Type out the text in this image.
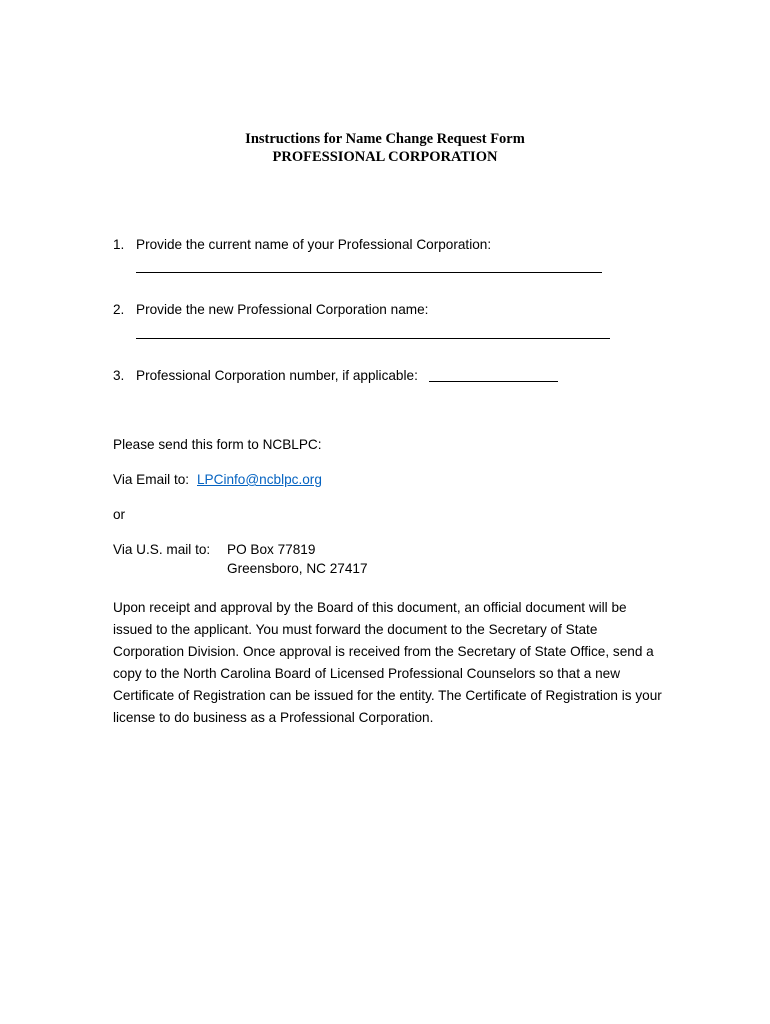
Instructions for Name Change Request Form
PROFESSIONAL CORPORATION
1. Provide the current name of your Professional Corporation:
2. Provide the new Professional Corporation name:
3. Professional Corporation number, if applicable:
Please send this form to NCBLPC:
Via Email to: LPCinfo@ncblpc.org
or
Via U.S. mail to: PO Box 77819
Greensboro, NC 27417
Upon receipt and approval by the Board of this document, an official document will be
issued to the applicant. You must forward the document to the Secretary of State
Corporation Division. Once approval is received from the Secretary of State Office, send a
copy to the North Carolina Board of Licensed Professional Counselors so that a new
Certificate of Registration can be issued for the entity. The Certificate of Registration is your
license to do business as a Professional Corporation.
